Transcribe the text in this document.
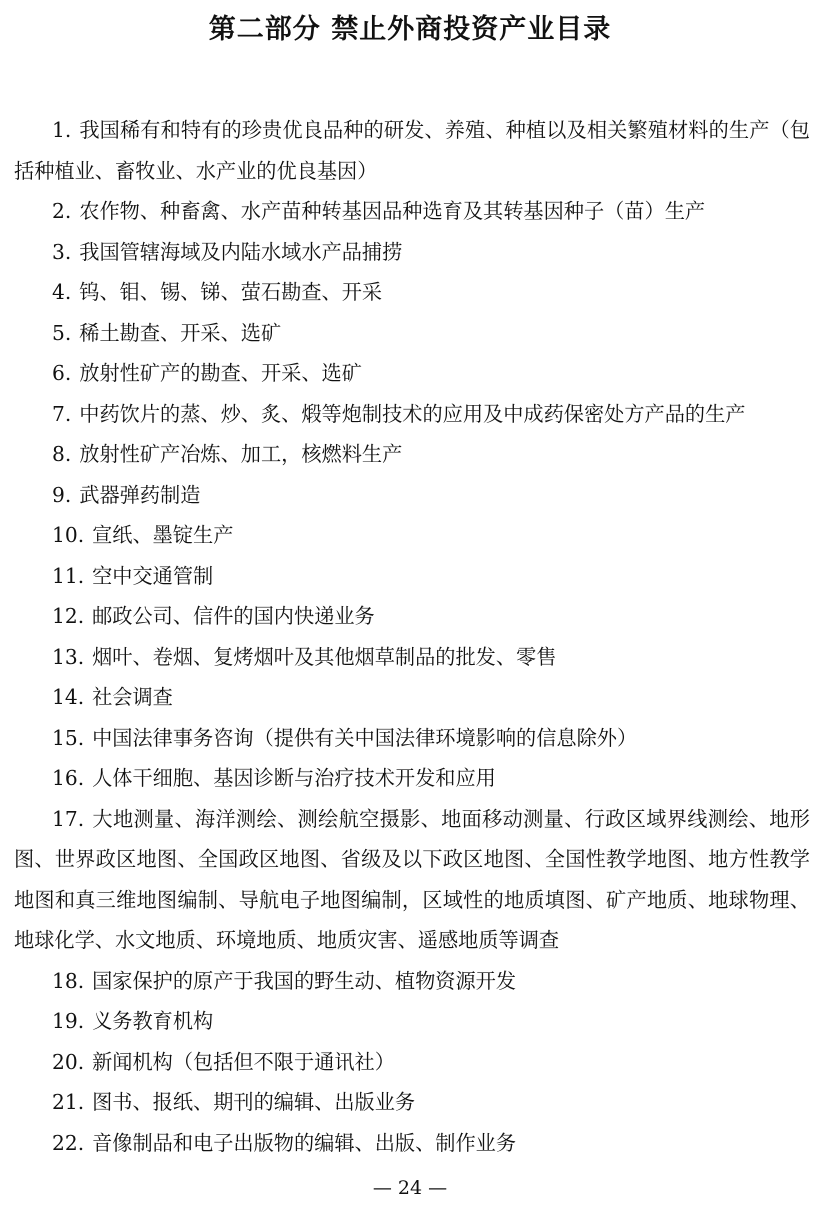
第二部分 禁止外商投资产业目录
1. 我国稀有和特有的珍贵优良品种的研发、养殖、种植以及相关繁殖材料的生产（包括种植业、畜牧业、水产业的优良基因）
2. 农作物、种畜禽、水产苗种转基因品种选育及其转基因种子（苗）生产
3. 我国管辖海域及内陆水域水产品捕捞
4. 钨、钼、锡、锑、萤石勘查、开采
5. 稀土勘查、开采、选矿
6. 放射性矿产的勘查、开采、选矿
7. 中药饮片的蒸、炒、炙、煅等炮制技术的应用及中成药保密处方产品的生产
8. 放射性矿产冶炼、加工，核燃料生产
9. 武器弹药制造
10. 宣纸、墨锭生产
11. 空中交通管制
12. 邮政公司、信件的国内快递业务
13. 烟叶、卷烟、复烤烟叶及其他烟草制品的批发、零售
14. 社会调查
15. 中国法律事务咨询（提供有关中国法律环境影响的信息除外）
16. 人体干细胞、基因诊断与治疗技术开发和应用
17. 大地测量、海洋测绘、测绘航空摄影、地面移动测量、行政区域界线测绘、地形图、世界政区地图、全国政区地图、省级及以下政区地图、全国性教学地图、地方性教学地图和真三维地图编制、导航电子地图编制，区域性的地质填图、矿产地质、地球物理、地球化学、水文地质、环境地质、地质灾害、遥感地质等调查
18. 国家保护的原产于我国的野生动、植物资源开发
19. 义务教育机构
20. 新闻机构（包括但不限于通讯社）
21. 图书、报纸、期刊的编辑、出版业务
22. 音像制品和电子出版物的编辑、出版、制作业务
— 24 —
